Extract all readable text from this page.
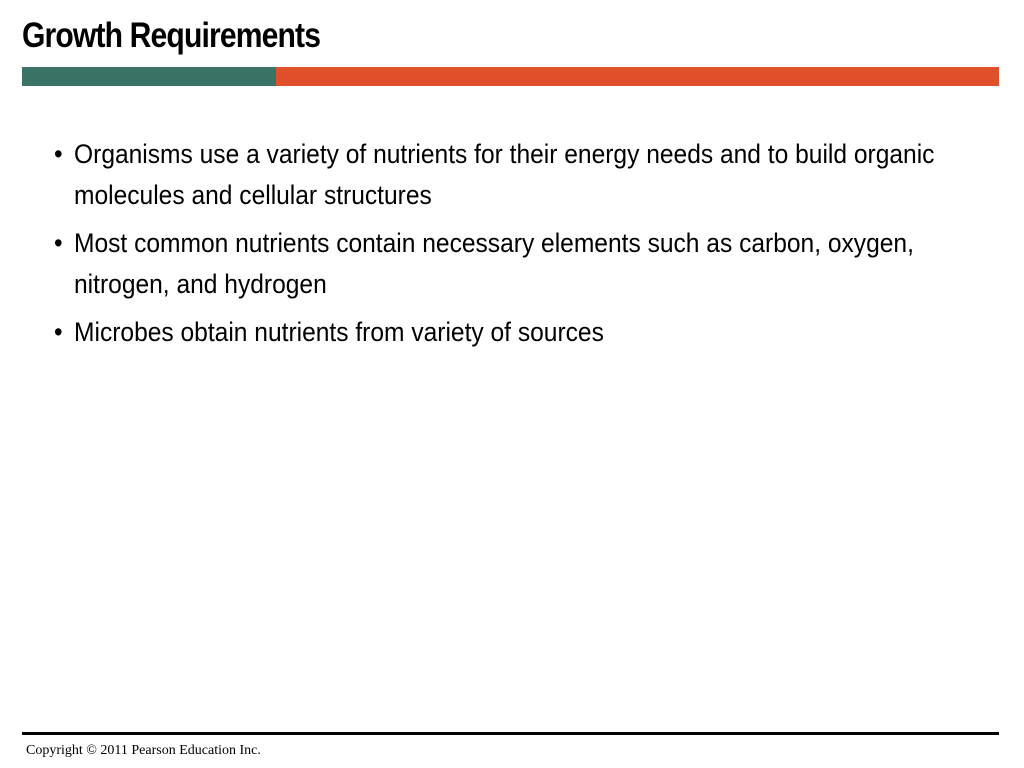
Growth Requirements
• Organisms use a variety of nutrients for their energy needs and to build organic molecules and cellular structures
• Most common nutrients contain necessary elements such as carbon, oxygen, nitrogen, and hydrogen
• Microbes obtain nutrients from variety of sources
Copyright © 2011 Pearson Education Inc.
